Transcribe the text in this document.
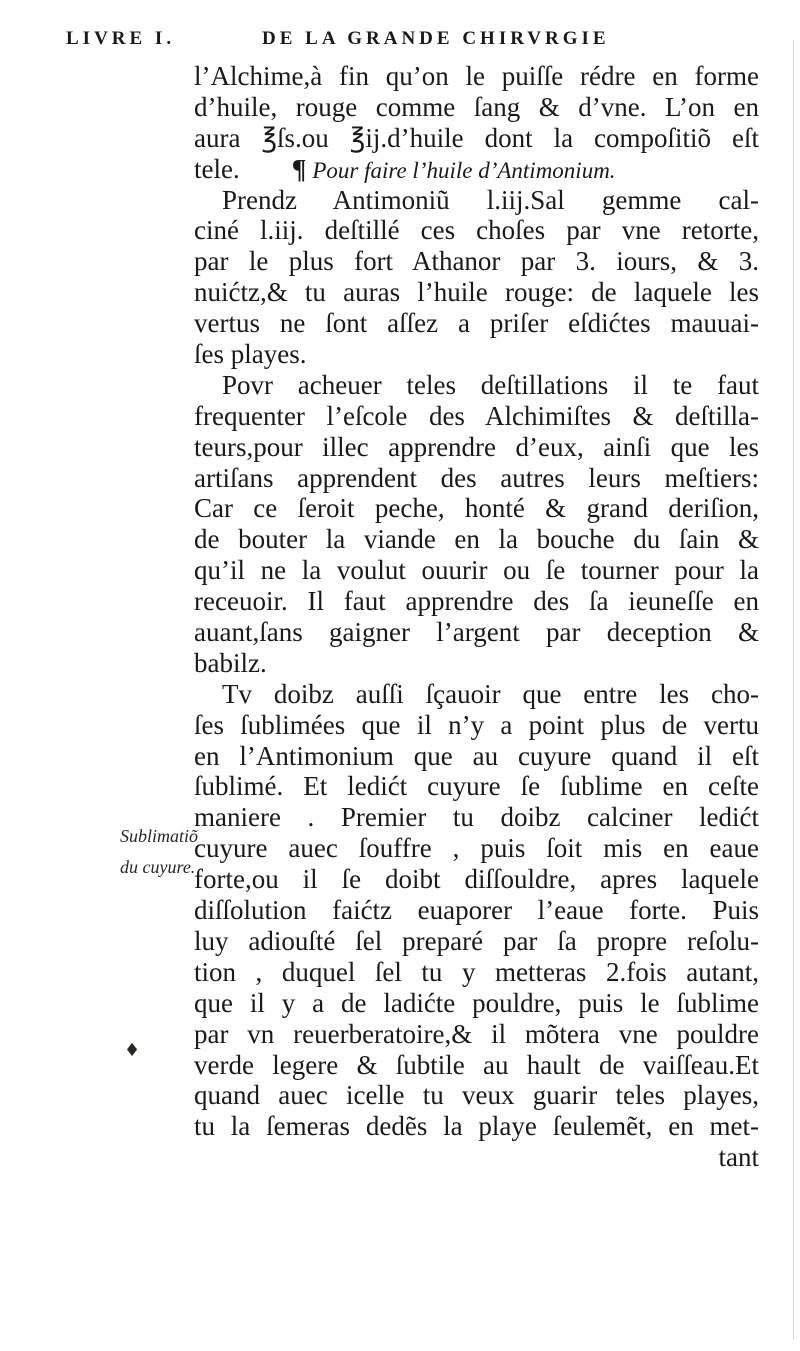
LIVRE I.	DE LA GRANDE CHIRVRGIE
Sublimatiõ
du cuyure.
♦
l’Alchime,à fin qu’on le puiſſe rédre en forme
d’huile, rouge comme ſang & d’vne. L’on en
aura ℥ſs.ou ℥ij.d’huile dont la compoſitiõ eſt
tele. ¶ Pour faire l’huile d’Antimonium.
Prendz Antimoniũ l.iij.Sal gemme cal-
ciné l.iij. deſtillé ces choſes par vne retorte,
par le plus fort Athanor par 3. iours, & 3.
nuićtz,& tu auras l’huile rouge: de laquele les
vertus ne ſont aſſez a priſer eſdićtes mauuai-
ſes playes.
Povr acheuer teles deſtillations il te faut
frequenter l’eſcole des Alchimiſtes & deſtilla-
teurs,pour illec apprendre d’eux, ainſi que les
artiſans apprendent des autres leurs meſtiers:
Car ce ſeroit peche, honté & grand deriſion,
de bouter la viande en la bouche du ſain &
qu’il ne la voulut ouurir ou ſe tourner pour la
receuoir. Il faut apprendre des ſa ieuneſſe en
auant,ſans gaigner l’argent par deception &
babilz.
Tv doibz auſſi ſçauoir que entre les cho-
ſes ſublimées que il n’y a point plus de vertu
en l’Antimonium que au cuyure quand il eſt
ſublimé. Et ledićt cuyure ſe ſublime en ceſte
maniere . Premier tu doibz calciner ledićt
cuyure auec ſouffre , puis ſoit mis en eaue
forte,ou il ſe doibt diſſouldre, apres laquele
diſſolution faićtz euaporer l’eaue forte. Puis
luy adiouſté ſel preparé par ſa propre reſolu-
tion , duquel ſel tu y metteras 2.fois autant,
que il y a de ladićte pouldre, puis le ſublime
par vn reuerberatoire,& il mõtera vne pouldre
verde legere & ſubtile au hault de vaiſſeau.Et
quand auec icelle tu veux guarir teles playes,
tu la ſemeras dedẽs la playe ſeulemẽt, en met-
tant
